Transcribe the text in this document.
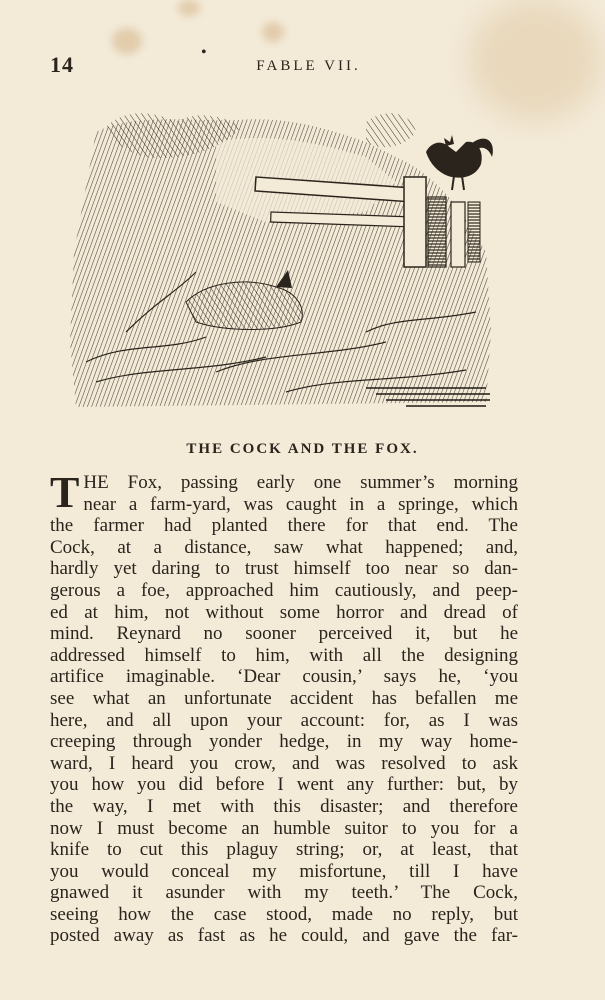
14	•
FABLE VII.
THE COCK AND THE FOX.
T HE Fox, passing early one summer’s morning
near a farm-yard, was caught in a springe, which
the farmer had planted there for that end. The
Cock, at a distance, saw what happened; and,
hardly yet daring to trust himself too near so dan-
gerous a foe, approached him cautiously, and peep-
ed at him, not without some horror and dread of
mind. Reynard no sooner perceived it, but he
addressed himself to him, with all the designing
artifice imaginable. ‘Dear cousin,’ says he, ‘you
see what an unfortunate accident has befallen me
here, and all upon your account: for, as I was
creeping through yonder hedge, in my way home-
ward, I heard you crow, and was resolved to ask
you how you did before I went any further: but, by
the way, I met with this disaster; and therefore
now I must become an humble suitor to you for a
knife to cut this plaguy string; or, at least, that
you would conceal my misfortune, till I have
gnawed it asunder with my teeth.’ The Cock,
seeing how the case stood, made no reply, but
posted away as fast as he could, and gave the far-
